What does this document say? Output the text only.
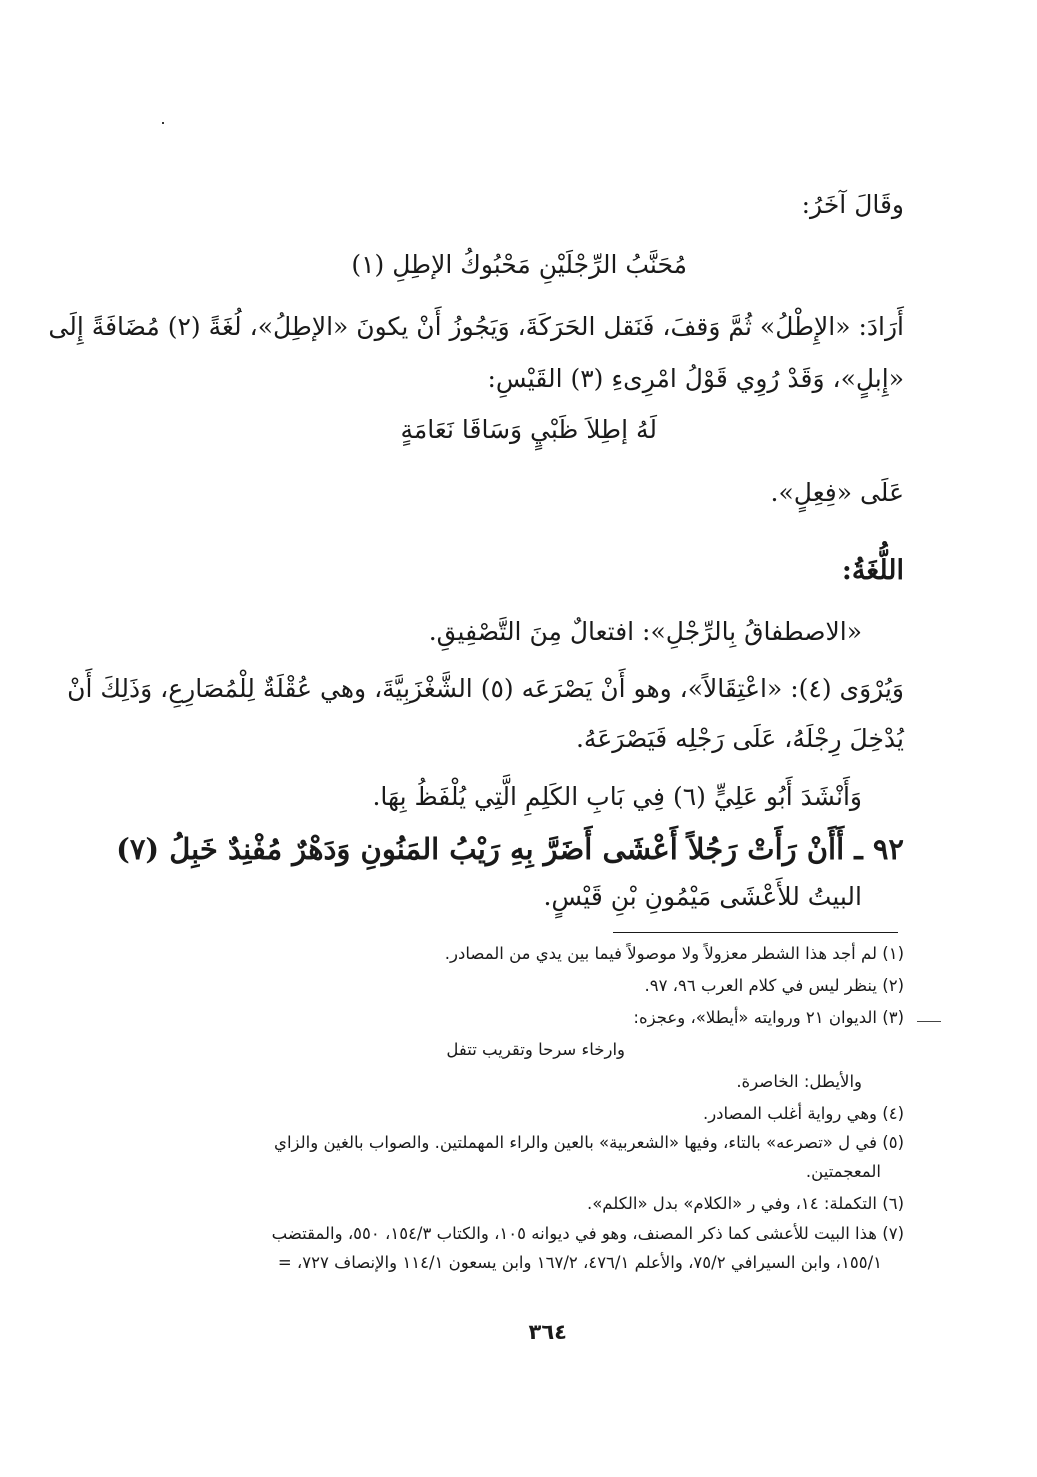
وقَالَ آخَرُ:
مُحَنَّبُ الرِّجْلَيْنِ مَحْبُوكُ الإطِلِ (١)
أَرَادَ: «الإِطْلُ» ثُمَّ وَقفَ، فَنَقل الحَرَكَةَ، وَيَجُوزُ أَنْ يكونَ «الإطِلُ»، لُغَةً (٢) مُضَافَةً إِلَى
«إِبلٍ»، وَقَدْ رُوِي قَوْلُ امْرِىءِ (٣) القَيْسِ:
لَهُ إطِلاَ ظَبْيٍ وَسَاقَا نَعَامَةٍ
عَلَى «فِعِلٍ».
اللُّغَةُ:
«الاصطفاقُ بِالرِّجْلِ»: افتعالٌ مِنَ التَّصْفِيقِ.
وَيُرْوَى (٤): «اعْتِقَالاً»، وهو أَنْ يَصْرَعَه (٥) الشَّغْزَبِيَّةَ، وهي عُقْلَةٌ لِلْمُصَارِعِ، وَذَلِكَ أَنْ
يُدْخِلَ رِجْلَهُ، عَلَى رَجْلِه فَيَصْرَعَهُ.
وَأَنْشَدَ أَبُو عَلِيٍّ (٦) فِي بَابِ الكَلِمِ الَّتِي يُلْفَظُ بِهَا.
٩٢ ـ أَأَنْ رَأَتْ رَجُلاً أَعْشَى أَضَرَّ بِهِ رَيْبُ المَنُونِ وَدَهْرٌ مُفْنِدٌ خَبِلُ (٧)
البيتُ للأَعْشَى مَيْمُونِ بْنِ قَيْسٍ.
(١) لم أجد هذا الشطر معزولاً ولا موصولاً فيما بين يدي من المصادر.
(٢) ينظر ليس في كلام العرب ٩٦، ٩٧.
(٣) الديوان ٢١ وروايته «أيطلا»، وعجزه:
وارخاء سرحا وتقريب تتفل
والأيطل: الخاصرة.
(٤) وهي رواية أغلب المصادر.
(٥) في ل «تصرعه» بالتاء، وفيها «الشعربية» بالعين والراء المهملتين. والصواب بالغين والزاي
المعجمتين.
(٦) التكملة: ١٤، وفي ر «الكلام» بدل «الكلم».
(٧) هذا البيت للأعشى كما ذكر المصنف، وهو في ديوانه ١٠٥، والكتاب ١٥٤/٣، ٥٥٠، والمقتضب
١٥٥/١، وابن السيرافي ٧٥/٢، والأعلم ٤٧٦/١، ١٦٧/٢ وابن يسعون ١١٤/١ والإنصاف ٧٢٧، =
٣٦٤
